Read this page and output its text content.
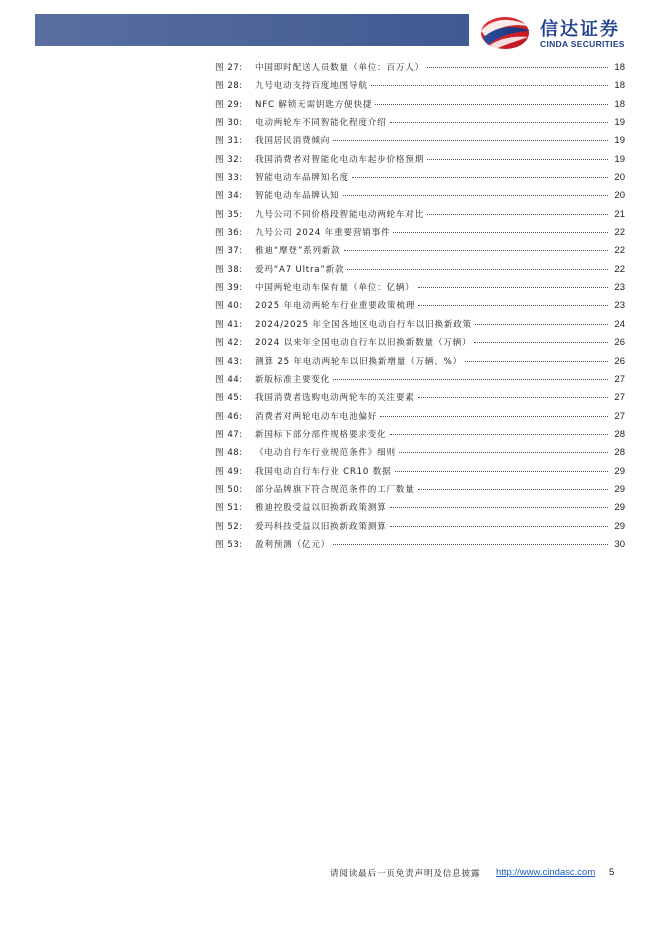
信达证券
CINDA SECURITIES
图 27:	中国即时配送人员数量（单位：百万人）	18
图 28:	九号电动支持百度地图导航	18
图 29:	NFC 解锁无需钥匙方便快捷	18
图 30:	电动两轮车不同智能化程度介绍	19
图 31:	我国居民消费倾向	19
图 32:	我国消费者对智能化电动车起步价格预期	19
图 33:	智能电动车品牌知名度	20
图 34:	智能电动车品牌认知	20
图 35:	九号公司不同价格段智能电动两轮车对比	21
图 36:	九号公司 2024 年重要营销事件	22
图 37:	雅迪“摩登”系列新款	22
图 38:	爱玛“A7 Ultra”新款	22
图 39:	中国两轮电动车保有量（单位：亿辆）	23
图 40:	2025 年电动两轮车行业重要政策梳理	23
图 41:	2024/2025 年全国各地区电动自行车以旧换新政策	24
图 42:	2024 以来年全国电动自行车以旧换新数量（万辆）	26
图 43:	测算 25 年电动两轮车以旧换新增量（万辆、%）	26
图 44:	新版标准主要变化	27
图 45:	我国消费者选购电动两轮车的关注要素	27
图 46:	消费者对两轮电动车电池偏好	27
图 47:	新国标下部分部件规格要求变化	28
图 48:	《电动自行车行业规范条件》细则	28
图 49:	我国电动自行车行业 CR10 数据	29
图 50:	部分品牌旗下符合规范条件的工厂数量	29
图 51:	雅迪控股受益以旧换新政策测算	29
图 52:	爱玛科技受益以旧换新政策测算	29
图 53:	盈利预测（亿元）	30
请阅读最后一页免责声明及信息披露 http://www.cindasc.com 5
